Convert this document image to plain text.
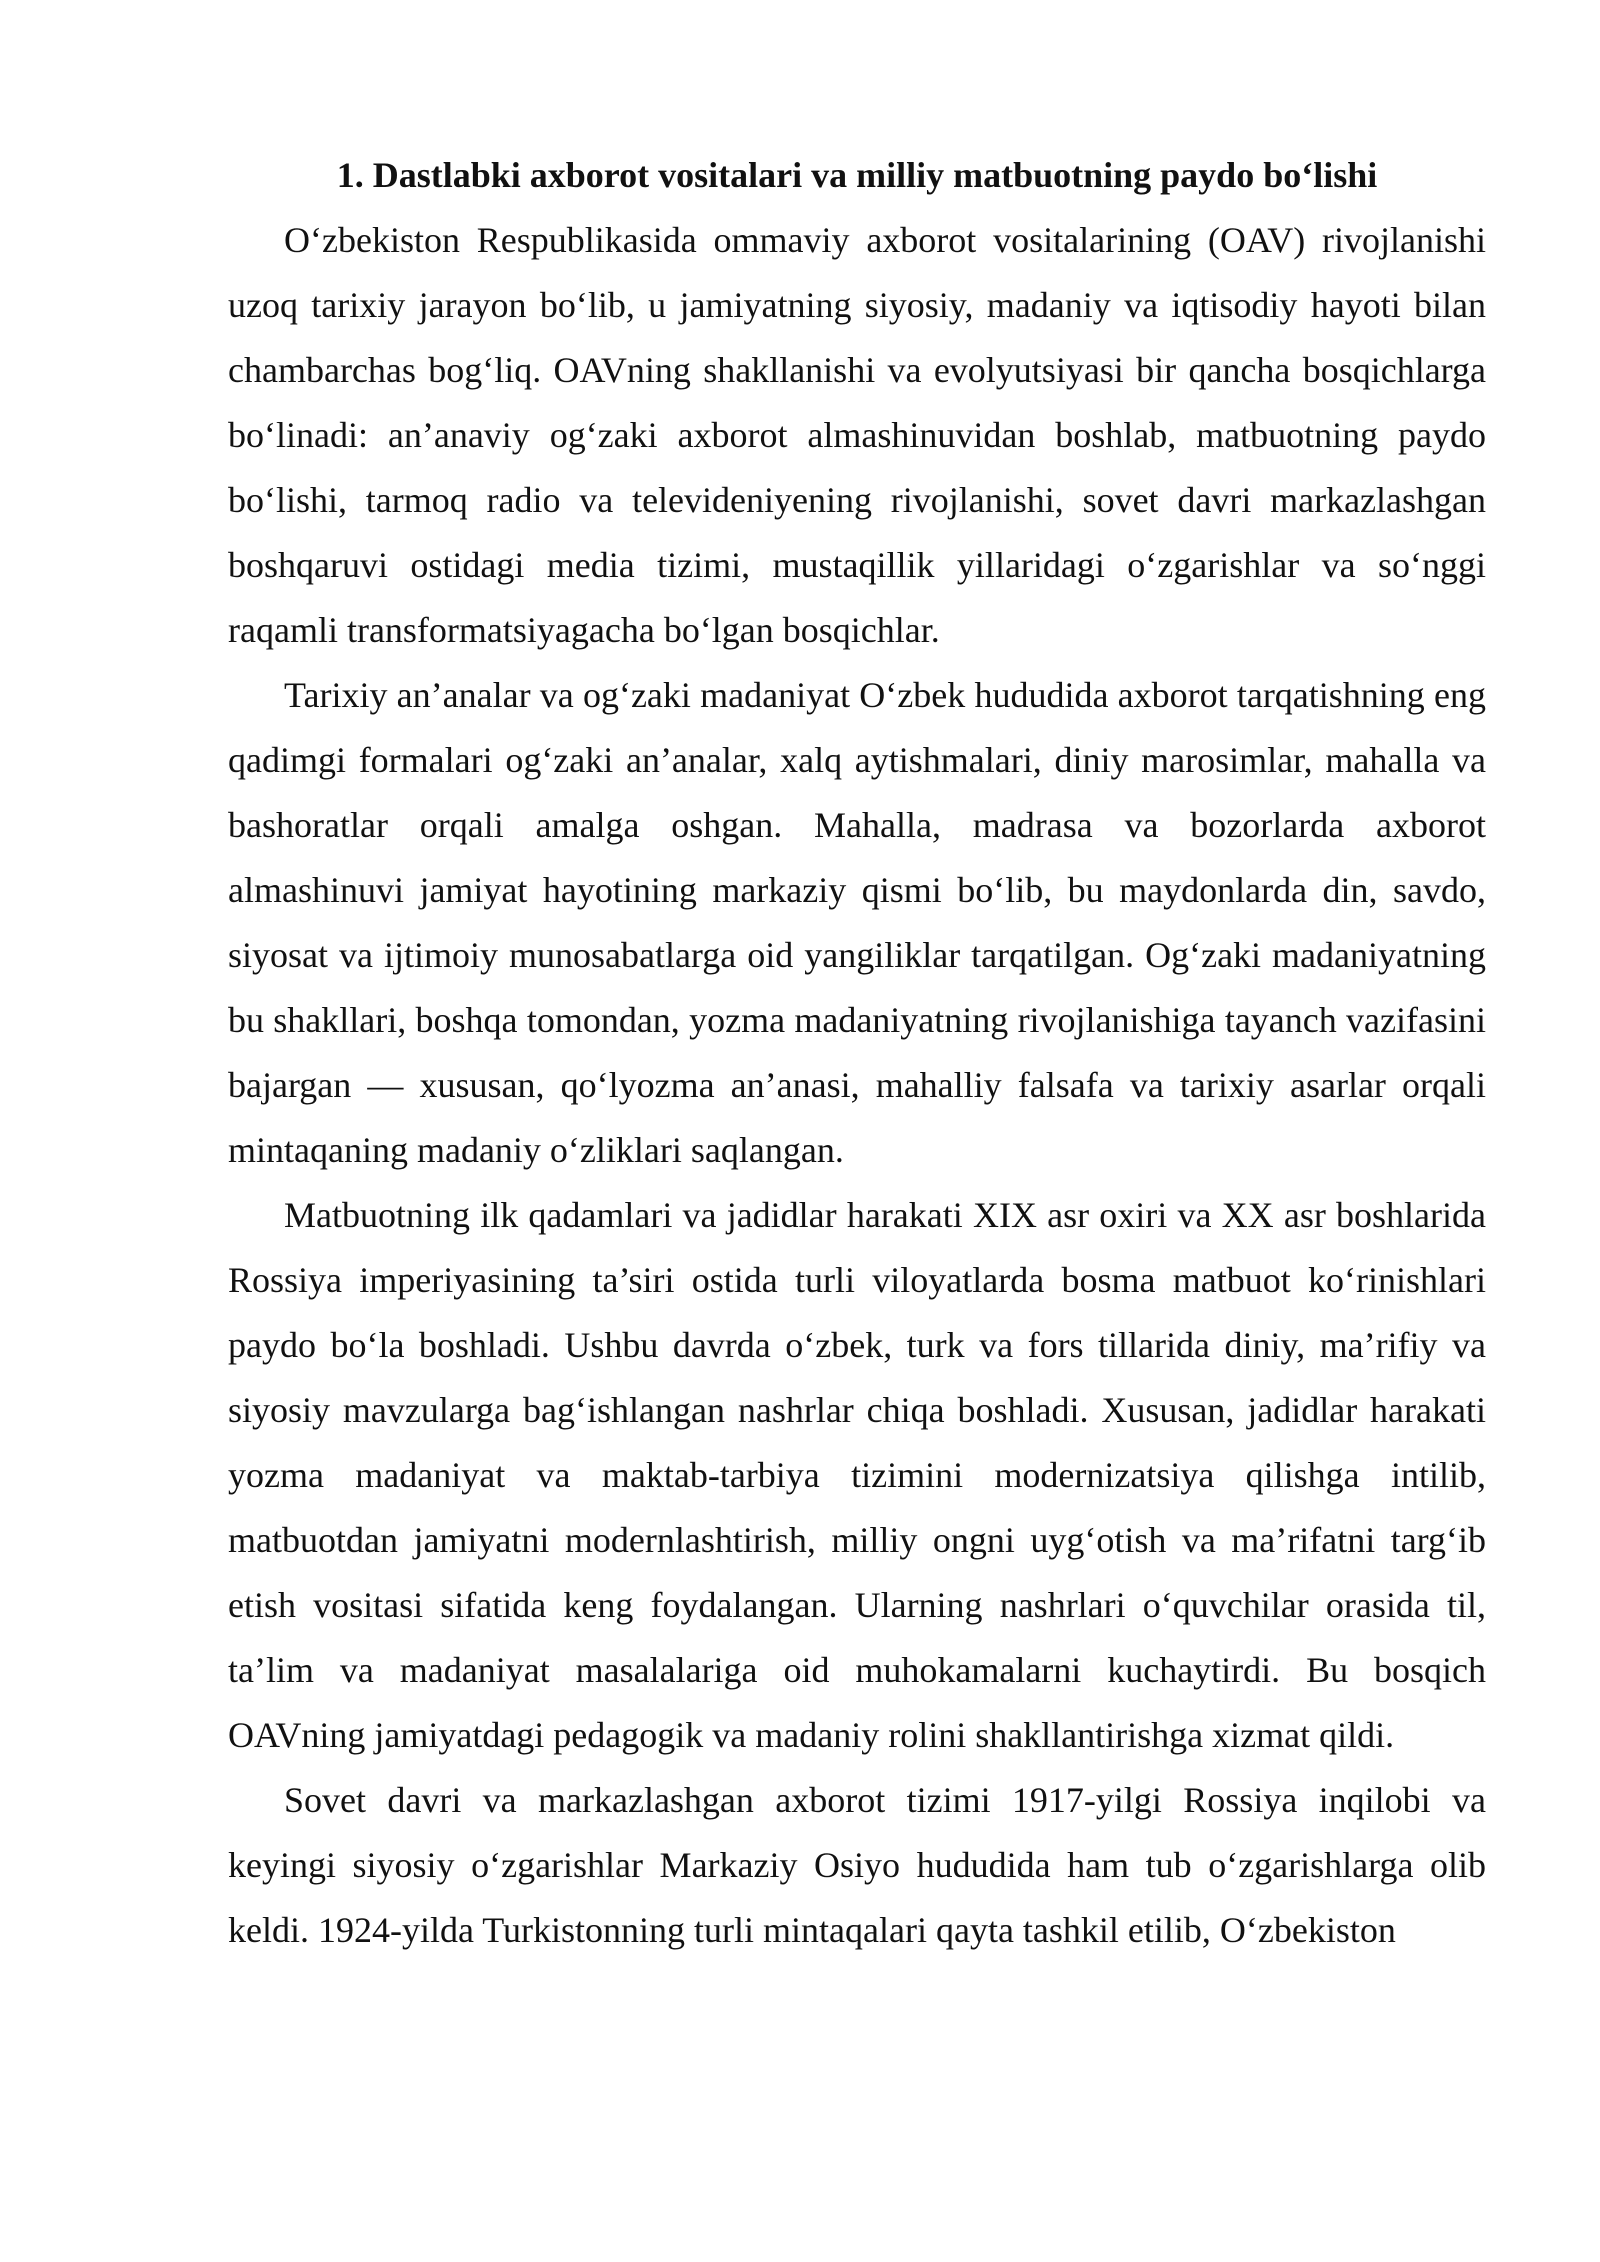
1. Dastlabki axborot vositalari va milliy matbuotning paydo bo‘lishi

O‘zbekiston Respublikasida ommaviy axborot vositalarining (OAV) rivojlanishi uzoq tarixiy jarayon bo‘lib, u jamiyatning siyosiy, madaniy va iqtisodiy hayoti bilan chambarchas bog‘liq. OAVning shakllanishi va evolyutsiyasi bir qancha bosqichlarga bo‘linadi: an’anaviy og‘zaki axborot almashinuvidan boshlab, matbuotning paydo bo‘lishi, tarmoq radio va televideniyening rivojlanishi, sovet davri markazlashgan boshqaruvi ostidagi media tizimi, mustaqillik yillaridagi o‘zgarishlar va so‘nggi raqamli transformatsiyagacha bo‘lgan bosqichlar.

Tarixiy an’analar va og‘zaki madaniyat O‘zbek hududida axborot tarqatishning eng qadimgi formalari og‘zaki an’analar, xalq aytishmalari, diniy marosimlar, mahalla va bashoratlar orqali amalga oshgan. Mahalla, madrasa va bozorlarda axborot almashinuvi jamiyat hayotining markaziy qismi bo‘lib, bu maydonlarda din, savdo, siyosat va ijtimoiy munosabatlarga oid yangiliklar tarqatilgan. Og‘zaki madaniyatning bu shakllari, boshqa tomondan, yozma madaniyatning rivojlanishiga tayanch vazifasini bajargan — xususan, qo‘lyozma an’anasi, mahalliy falsafa va tarixiy asarlar orqali mintaqaning madaniy o‘zliklari saqlangan.

Matbuotning ilk qadamlari va jadidlar harakati XIX asr oxiri va XX asr boshlarida Rossiya imperiyasining ta’siri ostida turli viloyatlarda bosma matbuot ko‘rinishlari paydo bo‘la boshladi. Ushbu davrda o‘zbek, turk va fors tillarida diniy, ma’rifiy va siyosiy mavzularga bag‘ishlangan nashrlar chiqa boshladi. Xususan, jadidlar harakati yozma madaniyat va maktab-tarbiya tizimini modernizatsiya qilishga intilib, matbuotdan jamiyatni modernlashtirish, milliy ongni uyg‘otish va ma’rifatni targ‘ib etish vositasi sifatida keng foydalangan. Ularning nashrlari o‘quvchilar orasida til, ta’lim va madaniyat masalalariga oid muhokamalarni kuchaytirdi. Bu bosqich OAVning jamiyatdagi pedagogik va madaniy rolini shakllantirishga xizmat qildi.

Sovet davri va markazlashgan axborot tizimi 1917-yilgi Rossiya inqilobi va keyingi siyosiy o‘zgarishlar Markaziy Osiyo hududida ham tub o‘zgarishlarga olib keldi. 1924-yilda Turkistonning turli mintaqalari qayta tashkil etilib, O‘zbekiston
